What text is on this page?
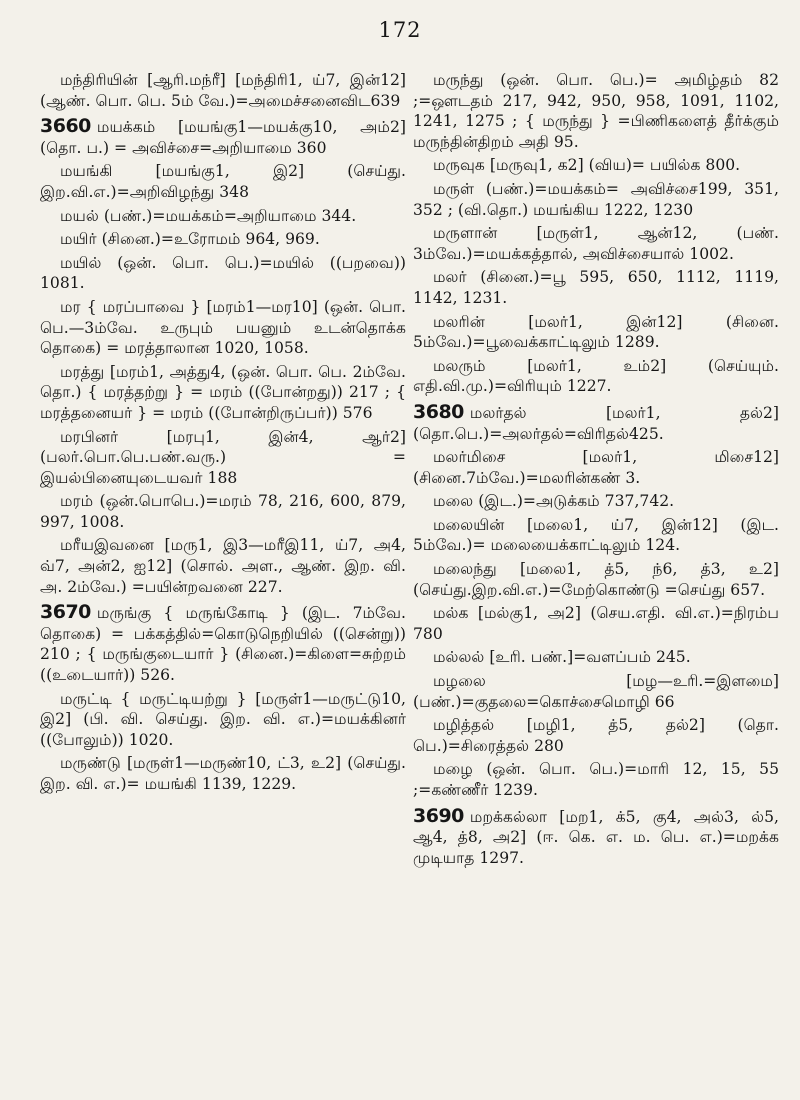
172

மந்திரியின் [ஆரி.மந்ரீ] [மந்திரி1, ய்7, இன்12] (ஆண். பொ. பெ. 5ம் வே.)=அமைச்சனைவிட639

3660 மயக்கம் [மயங்கு1—மயக்கு10, அம்2] (தொ. ப.) = அவிச்சை=அறியாமை 360

மயங்கி [மயங்கு1, இ2] (செய்து. இற.வி.எ.)=அறிவிழந்து 348

மயல் (பண்.)=மயக்கம்=அறியாமை 344.

மயிர் (சினை.)=உரோமம் 964, 969.

மயில் (ஒன். பொ. பெ.)=மயில் ((பறவை)) 1081.

மர { மரப்பாவை } [மரம்1—மர10] (ஒன். பொ. பெ.—3ம்வே. உருபும் பயனும் உடன்தொக்க தொகை) = மரத்தாலான 1020, 1058.

மரத்து [மரம்1, அத்து4, (ஒன். பொ. பெ. 2ம்வே. தொ.) { மரத்தற்று } = மரம் ((போன்றது)) 217 ; { மரத்தனையர் } = மரம் ((போன்றிருப்பர்)) 576

மரபினர் [மரபு1, இன்4, ஆர்2] (பலர்.பொ.பெ.பண்.வரு.) = இயல்பினையுடையவர் 188

மரம் (ஒன்.பொபெ.)=மரம் 78, 216, 600, 879, 997, 1008.

மரீயஇவனை [மரு1, இ3—மரீஇ11, ய்7, அ4, வ்7, அன்2, ஐ12] (சொல். அள., ஆண். இற. வி. அ. 2ம்வே.) =பயின்றவனை 227.

3670 மருங்கு { மருங்கோடி } (இட. 7ம்வே. தொகை) = பக்கத்தில்=கொடுநெறியில் ((சென்று)) 210 ; { மருங்குடையார் } (சினை.)=கிளை=சுற்றம் ((உடையார்)) 526.

மருட்டி { மருட்டியற்று } [மருள்1—மருட்டு10, இ2] (பி. வி. செய்து. இற. வி. எ.)=மயக்கினர் ((போலும்)) 1020.

மருண்டு [மருள்1—மருண்10, ட்3, உ2] (செய்து. இற. வி. எ.)= மயங்கி 1139, 1229.

மருந்து (ஒன். பொ. பெ.)= அமிழ்தம் 82 ;=ஔடதம் 217, 942, 950, 958, 1091, 1102, 1241, 1275 ; { மருந்து } =பிணிகளைத் தீர்க்கும் மருந்தின்திறம் அதி 95.

மருவுக [மருவு1, க2] (விய)= பயில்க 800.

மருள் (பண்.)=மயக்கம்= அவிச்சை199, 351, 352 ; (வி.தொ.) மயங்கிய 1222, 1230

மருளான் [மருள்1, ஆன்12, (பண். 3ம்வே.)=மயக்கத்தால், அவிச்சையால் 1002.

மலர் (சினை.)=பூ 595, 650, 1112, 1119, 1142, 1231.

மலரின் [மலர்1, இன்12] (சினை. 5ம்வே.)=பூவைக்காட்டிலும் 1289.

மலரும் [மலர்1, உம்2] (செய்யும். எதி.வி.மு.)=விரியும் 1227.

3680 மலர்தல் [மலர்1, தல்2] (தொ.பெ.)=அலர்தல்=விரிதல்425.

மலர்மிசை [மலர்1, மிசை12] (சினை.7ம்வே.)=மலரின்கண் 3.

மலை (இட.)=அடுக்கம் 737,742.

மலையின் [மலை1, ய்7, இன்12] (இட. 5ம்வே.)= மலையைக்காட்டிலும் 124.

மலைந்து [மலை1, த்5, ந்6, த்3, உ2] (செய்து.இற.வி.எ.)=மேற்கொண்டு =செய்து 657.

மல்க [மல்கு1, அ2] (செய.எதி. வி.எ.)=நிரம்ப 780

மல்லல் [உரி. பண்.]=வளப்பம் 245.

மழலை [மழ—உரி.=இளமை] (பண்.)=குதலை=கொச்சைமொழி 66

மழித்தல் [மழி1, த்5, தல்2] (தொ. பெ.)=சிரைத்தல் 280

மழை (ஒன். பொ. பெ.)=மாரி 12, 15, 55 ;=கண்ணீர் 1239.

3690 மறக்கல்லா [மற1, க்5, கு4, அல்3, ல்5, ஆ4, த்8, அ2] (ஈ. கெ. எ. ம. பெ. எ.)=மறக்க முடியாத 1297.
